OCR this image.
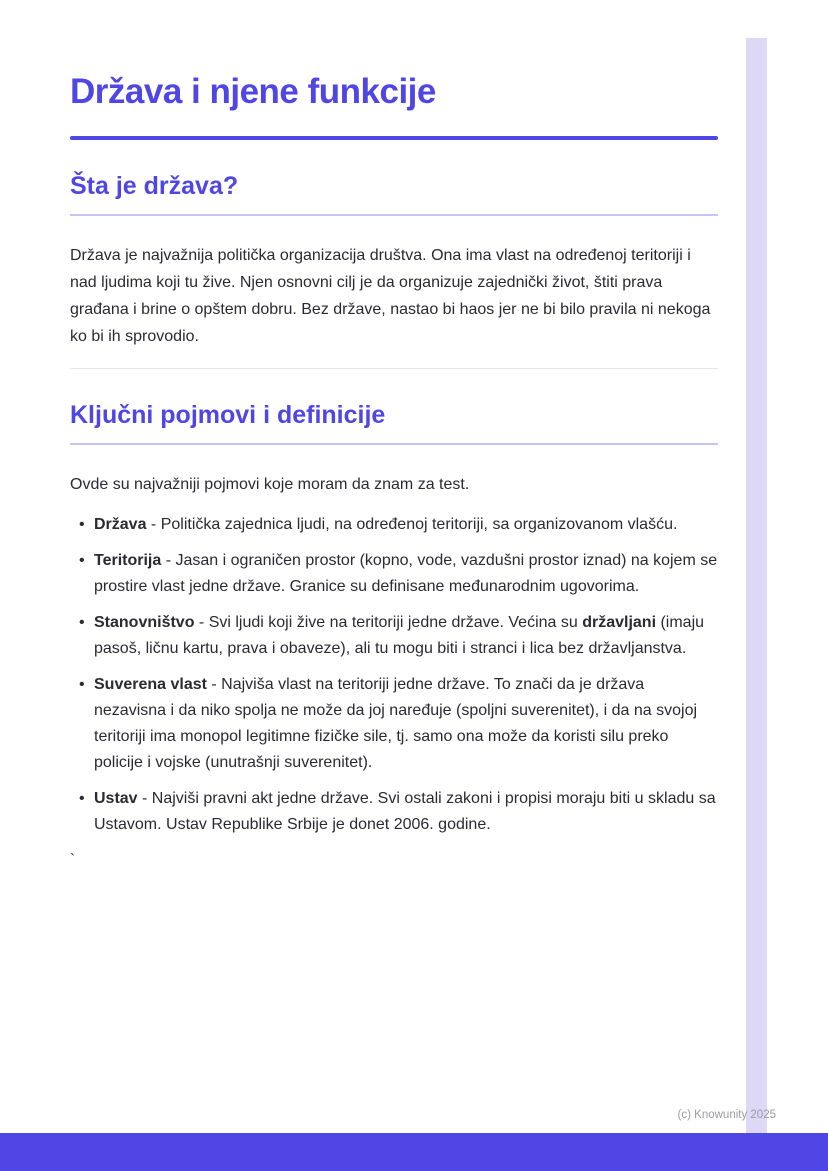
Država i njene funkcije
Šta je država?

Država je najvažnija politička organizacija društva. Ona ima vlast na određenoj teritoriji i nad ljudima koji tu žive. Njen osnovni cilj je da organizuje zajednički život, štiti prava građana i brine o opštem dobru. Bez države, nastao bi haos jer ne bi bilo pravila ni nekoga ko bi ih sprovodio.

Ključni pojmovi i definicije

Ovde su najvažniji pojmovi koje moram da znam za test.

• Država - Politička zajednica ljudi, na određenoj teritoriji, sa organizovanom vlašću.
• Teritorija - Jasan i ograničen prostor (kopno, vode, vazdušni prostor iznad) na kojem se prostire vlast jedne države. Granice su definisane međunarodnim ugovorima.
• Stanovništvo - Svi ljudi koji žive na teritoriji jedne države. Većina su državljani (imaju pasoš, ličnu kartu, prava i obaveze), ali tu mogu biti i stranci i lica bez državljanstva.
• Suverena vlast - Najviša vlast na teritoriji jedne države. To znači da je država nezavisna i da niko spolja ne može da joj naređuje (spoljni suverenitet), i da na svojoj teritoriji ima monopol legitimne fizičke sile, tj. samo ona može da koristi silu preko policije i vojske (unutrašnji suverenitet).
• Ustav - Najviši pravni akt jedne države. Svi ostali zakoni i propisi moraju biti u skladu sa Ustavom. Ustav Republike Srbije je donet 2006. godine.
`
(c) Knowunity 2025
